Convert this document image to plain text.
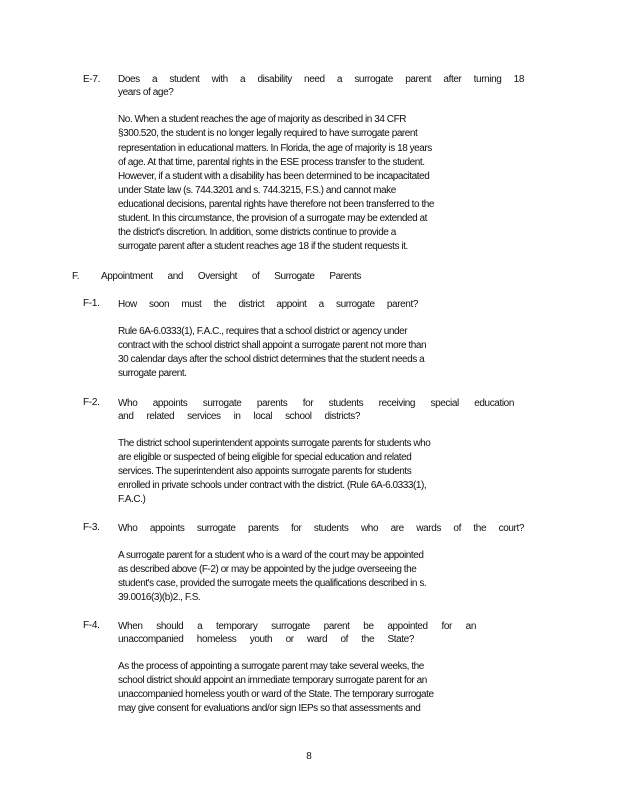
E-7. Does a student with a disability need a surrogate parent after turning 18
years of age?
No. When a student reaches the age of majority as described in 34 CFR
§300.520, the student is no longer legally required to have surrogate parent
representation in educational matters. In Florida, the age of majority is 18 years
of age. At that time, parental rights in the ESE process transfer to the student.
However, if a student with a disability has been determined to be incapacitated
under State law (s. 744.3201 and s. 744.3215, F.S.) and cannot make
educational decisions, parental rights have therefore not been transferred to the
student. In this circumstance, the provision of a surrogate may be extended at
the district's discretion. In addition, some districts continue to provide a
surrogate parent after a student reaches age 18 if the student requests it.
F. Appointment and Oversight of Surrogate Parents
F-1. How soon must the district appoint a surrogate parent?
Rule 6A-6.0333(1), F.A.C., requires that a school district or agency under
contract with the school district shall appoint a surrogate parent not more than
30 calendar days after the school district determines that the student needs a
surrogate parent.
F-2. Who appoints surrogate parents for students receiving special education
and related services in local school districts?
The district school superintendent appoints surrogate parents for students who
are eligible or suspected of being eligible for special education and related
services. The superintendent also appoints surrogate parents for students
enrolled in private schools under contract with the district. (Rule 6A-6.0333(1),
F.A.C.)
F-3. Who appoints surrogate parents for students who are wards of the court?
A surrogate parent for a student who is a ward of the court may be appointed
as described above (F-2) or may be appointed by the judge overseeing the
student's case, provided the surrogate meets the qualifications described in s.
39.0016(3)(b)2., F.S.
F-4. When should a temporary surrogate parent be appointed for an
unaccompanied homeless youth or ward of the State?
As the process of appointing a surrogate parent may take several weeks, the
school district should appoint an immediate temporary surrogate parent for an
unaccompanied homeless youth or ward of the State. The temporary surrogate
may give consent for evaluations and/or sign IEPs so that assessments and
8
